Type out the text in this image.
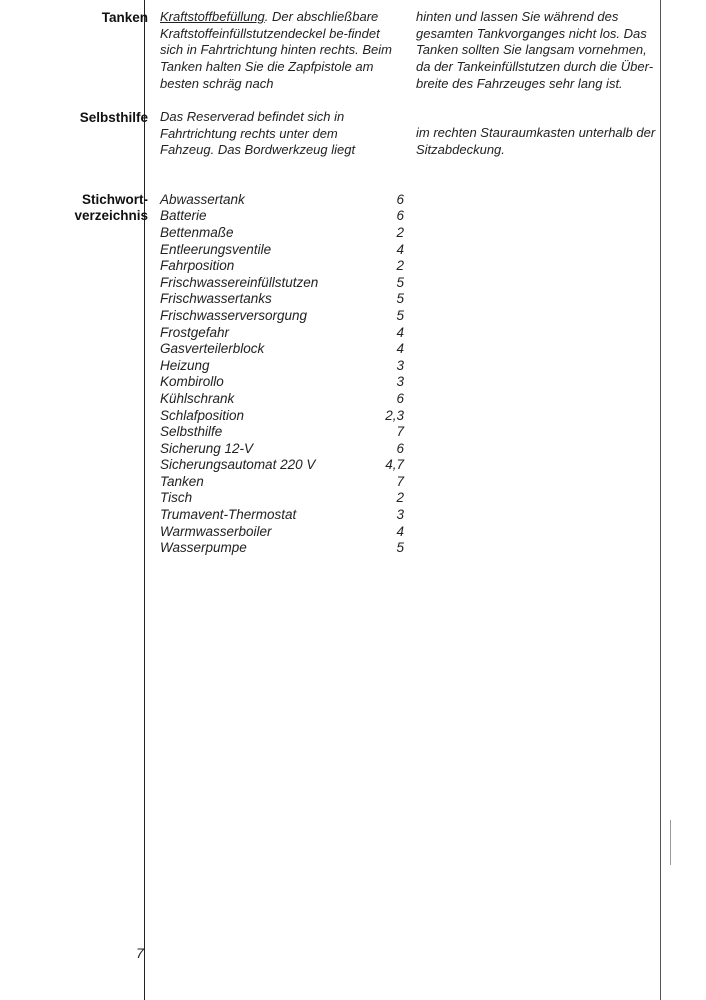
Tanken Kraftstoffbefüllung. Der abschließbare Kraftstoffeinfüllstutzendeckel be-findet sich in Fahrtrichtung hinten rechts. Beim Tanken halten Sie die Zapfpistole am besten schräg nach
hinten und lassen Sie während des gesamten Tankvorganges nicht los. Das Tanken sollten Sie langsam vornehmen, da der Tankeinfüllstutzen durch die Über-breite des Fahrzeuges sehr lang ist.
Selbsthilfe Das Reserverad befindet sich in Fahrtrichtung rechts unter dem Fahzeug. Das Bordwerkzeug liegt
im rechten Stauraumkasten unterhalb der Sitzabdeckung.
Stichwort-
verzeichnis
Abwassertank	6
Batterie	6
Bettenmaße	2
Entleerungsventile	4
Fahrposition	2
Frischwassereinfüllstutzen	5
Frischwassertanks	5
Frischwasserversorgung	5
Frostgefahr	4
Gasverteilerblock	4
Heizung	3
Kombirollo	3
Kühlschrank	6
Schlafposition	2,3
Selbsthilfe	7
Sicherung 12-V	6
Sicherungsautomat 220 V	4,7
Tanken	7
Tisch	2
Trumavent-Thermostat	3
Warmwasserboiler	4
Wasserpumpe	5
7
